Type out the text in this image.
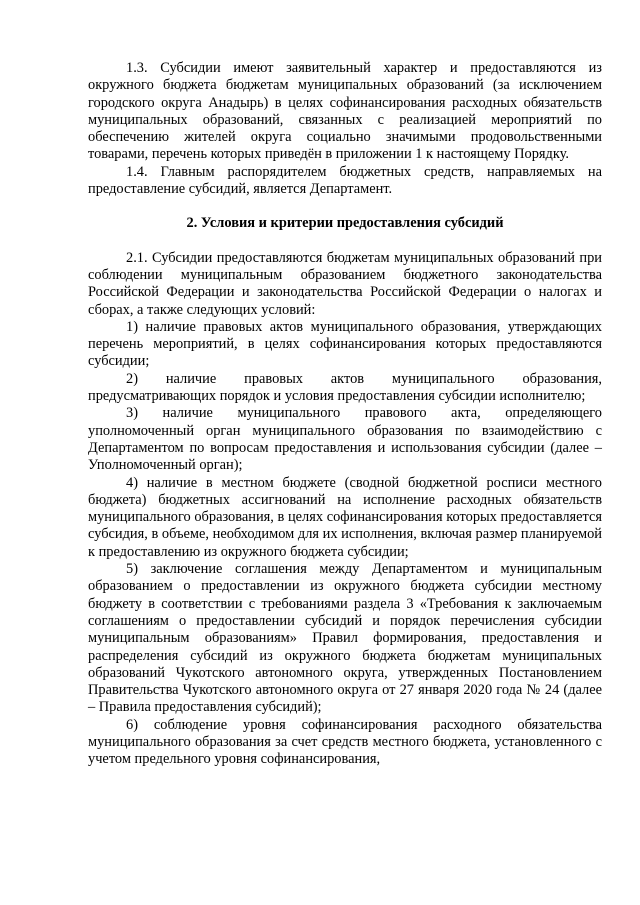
1.3. Субсидии имеют заявительный характер и предоставляются из окружного бюджета бюджетам муниципальных образований (за исключением городского округа Анадырь) в целях софинансирования расходных обязательств муниципальных образований, связанных с реализацией мероприятий по обеспечению жителей округа социально значимыми продовольственными товарами, перечень которых приведён в приложении 1 к настоящему Порядку.

1.4. Главным распорядителем бюджетных средств, направляемых на предоставление субсидий, является Департамент.

2. Условия и критерии предоставления субсидий

2.1. Субсидии предоставляются бюджетам муниципальных образований при соблюдении муниципальным образованием бюджетного законодательства Российской Федерации и законодательства Российской Федерации о налогах и сборах, а также следующих условий:

1) наличие правовых актов муниципального образования, утверждающих перечень мероприятий, в целях софинансирования которых предоставляются субсидии;

2) наличие правовых актов муниципального образования, предусматривающих порядок и условия предоставления субсидии исполнителю;

3) наличие муниципального правового акта, определяющего уполномоченный орган муниципального образования по взаимодействию с Департаментом по вопросам предоставления и использования субсидии (далее – Уполномоченный орган);

4) наличие в местном бюджете (сводной бюджетной росписи местного бюджета) бюджетных ассигнований на исполнение расходных обязательств муниципального образования, в целях софинансирования которых предоставляется субсидия, в объеме, необходимом для их исполнения, включая размер планируемой к предоставлению из окружного бюджета субсидии;

5) заключение соглашения между Департаментом и муниципальным образованием о предоставлении из окружного бюджета субсидии местному бюджету в соответствии с требованиями раздела 3 «Требования к заключаемым соглашениям о предоставлении субсидий и порядок перечисления субсидии муниципальным образованиям» Правил формирования, предоставления и распределения субсидий из окружного бюджета бюджетам муниципальных образований Чукотского автономного округа, утвержденных Постановлением Правительства Чукотского автономного округа от 27 января 2020 года № 24 (далее – Правила предоставления субсидий);

6) соблюдение уровня софинансирования расходного обязательства муниципального образования за счет средств местного бюджета, установленного с учетом предельного уровня софинансирования,
